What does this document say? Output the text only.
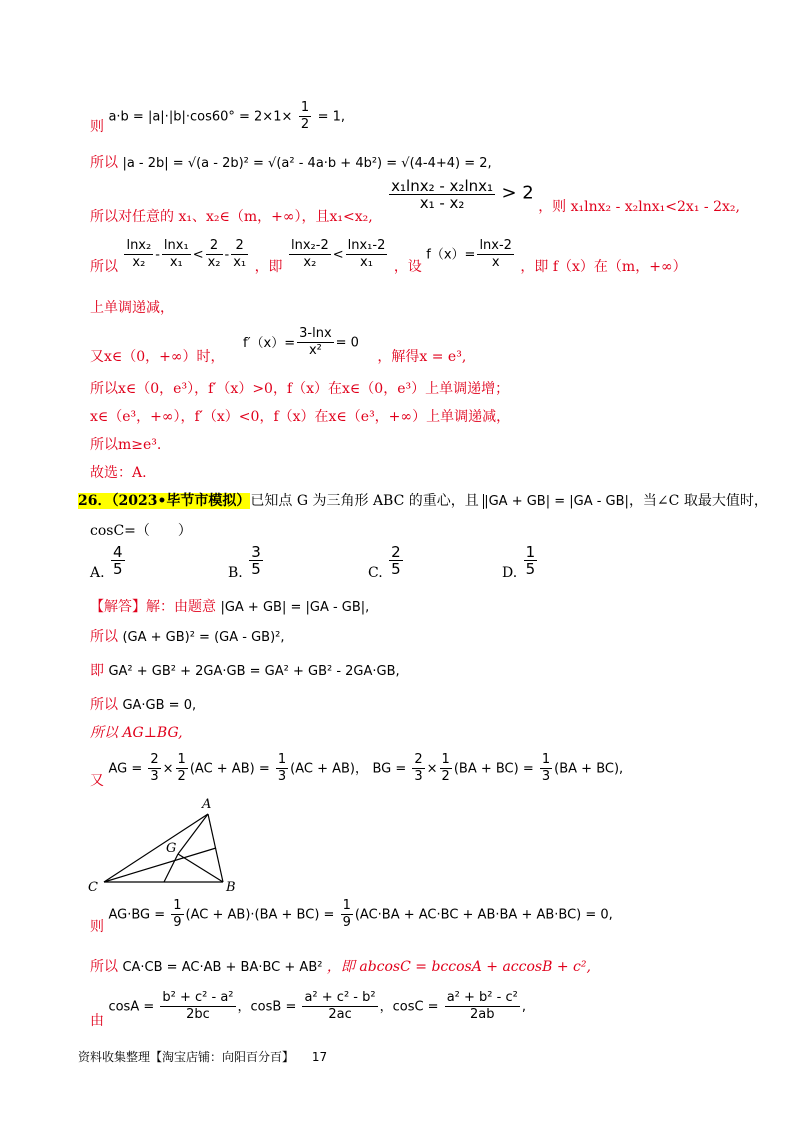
则 $a\cdot b = |a|\cdot|b|\cdot\cos 60^\circ = 2\times 1\times \frac{1}{2} = 1$,
所以 |a - 2b| = √(a - 2b)² = √(a² - 4a·b + 4b²) = √(4-4+4) = 2,
所以对任意的 x₁、x₂∈（m，+∞），且x₁<x₂,
$\frac{\text{x₁lnx₂ - x₂lnx₁}}{\text{x₁ - x₂}} > 2$ ，则 x₁lnx₂ - x₂lnx₁<2x₁ - 2x₂,
所以 $\frac{\text{lnx₂}}{\text{x₂}} - \frac{\text{lnx₁}}{\text{x₁}} < \frac{2}{\text{x₂}} - \frac{2}{\text{x₁}}$ ，即 $\frac{\text{lnx₂-2}}{\text{x₂}} < \frac{\text{lnx₁-2}}{\text{x₁}}$ ，设 $f(x)= \frac{\ln x-2}{x}$ ，即 f（x）在（m，+∞）
上单调递减，
又x∈（0，+∞）时， $f'(x)= \frac{3-\ln x}{\text{x²}} = 0$ ，解得x = e³,
所以x∈（0，e³），f′（x）>0，f（x）在x∈（0，e³）上单调递增；
x∈（e³，+∞），f′（x）<0，f（x）在x∈（e³，+∞）上单调递减，
所以m≥e³.
故选：A.
26．（2023•毕节市模拟）已知点 G 为三角形 ABC 的重心，且 |GA + GB| = |GA - GB|，当∠C 取最大值时，
cosC=（　　）
A. $\frac{4}{5}$	B. $\frac{3}{5}$	C. $\frac{2}{5}$	D. $\frac{1}{5}$
【解答】解：由题意 |GA + GB| = |GA - GB|,
所以 (GA + GB)² = (GA - GB)²,
即 GA² + GB² + 2GA·GB = GA² + GB² - 2GA·GB,
所以 GA·GB = 0,
所以 AG⊥BG,
又 AG = $\frac{2}{3} \times \frac{1}{2} (AC + AB) = \frac{1}{3} (AC + AB)$， BG = $\frac{2}{3} \times \frac{1}{2} (BA + BC) = \frac{1}{3} (BA + BC)$,
A
B
C
G
则 $AG\cdot BG = \frac{1}{9} (AC + AB)\cdot(BA + BC) = \frac{1}{9} (AC\cdot BA + AC\cdot BC + AB\cdot BA + AB\cdot BC) = 0$,
所以 CA·CB = AC·AB + BA·BC + AB² ，即 abcosC = bccosA + accosB + c²,
由 $\cos A = \frac{\text{b² + c² - a²}}{2bc}$ ，$\cos B = \frac{\text{a² + c² - b²}}{2ac}$ ，$\cos C = \frac{\text{a² + b² - c²}}{2ab}$ ,
资料收集整理【淘宝店铺：向阳百分百】 17
